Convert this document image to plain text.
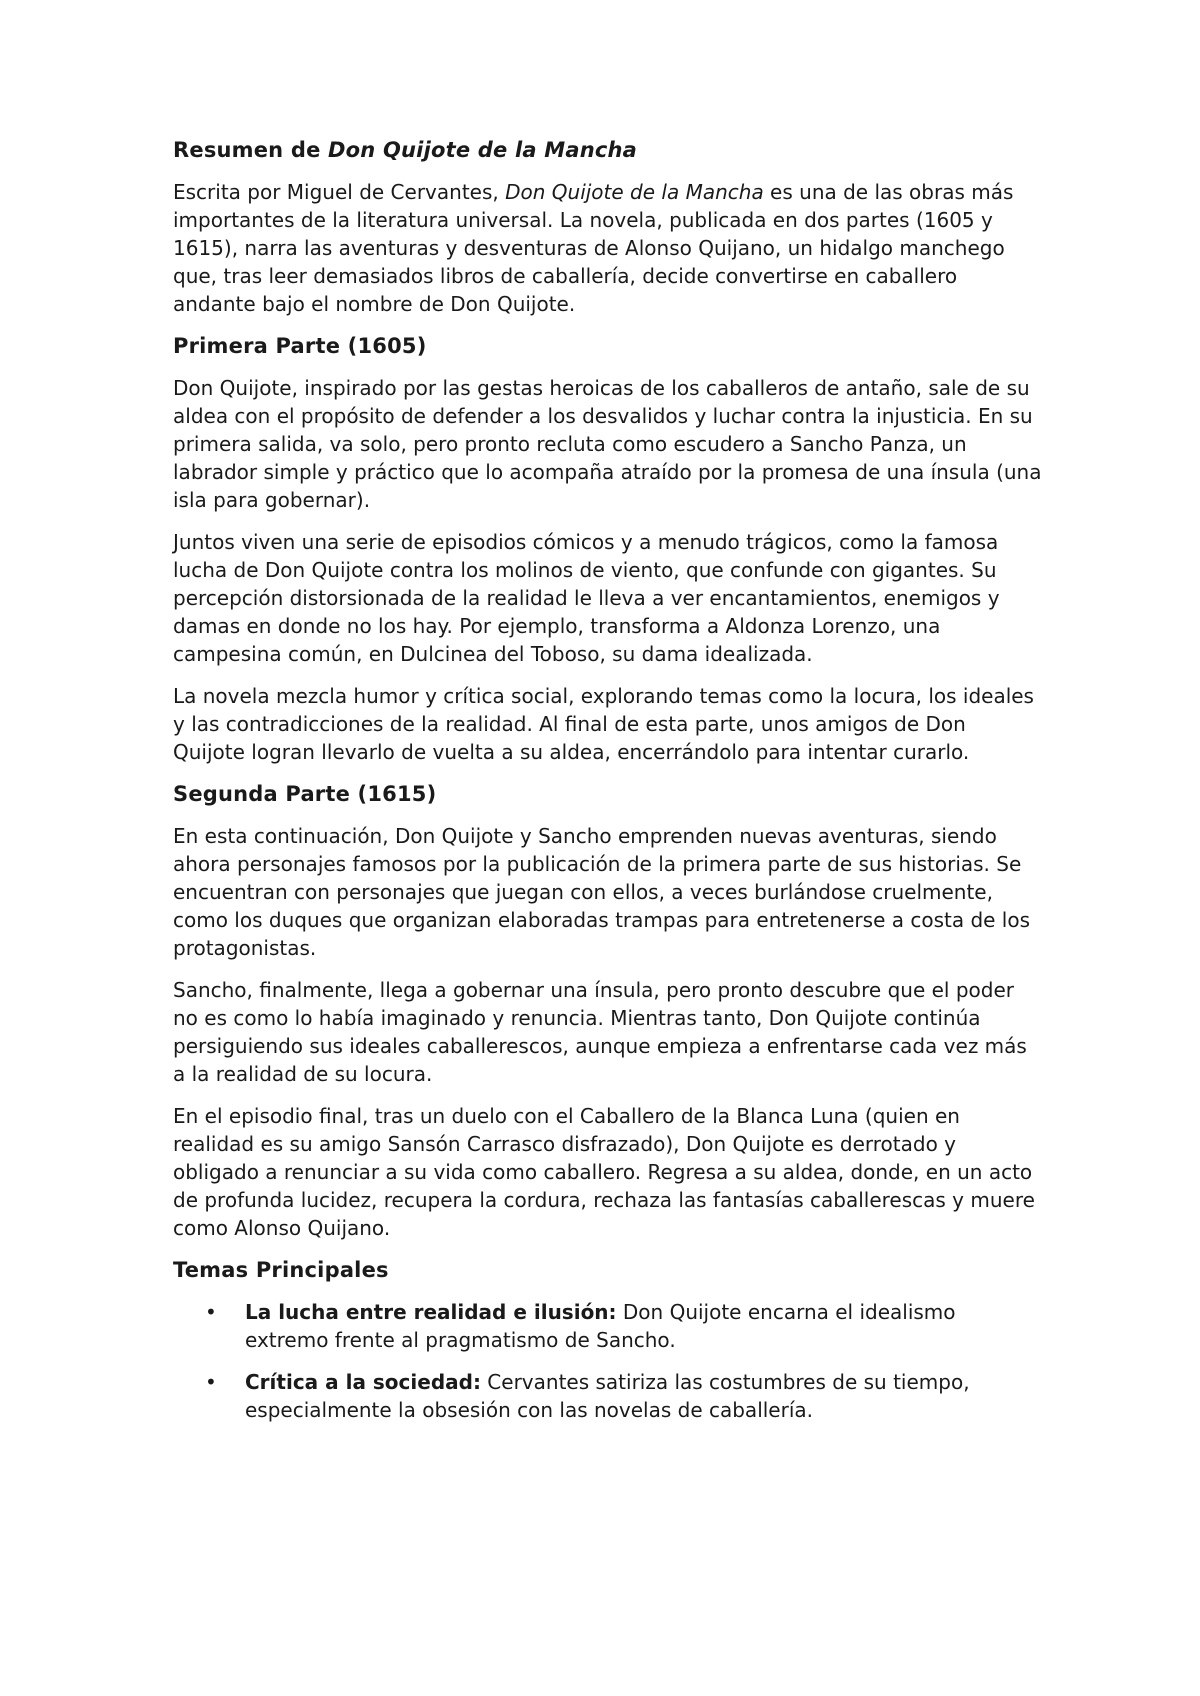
Resumen de Don Quijote de la Mancha

Escrita por Miguel de Cervantes, Don Quijote de la Mancha es una de las obras más importantes de la literatura universal. La novela, publicada en dos partes (1605 y 1615), narra las aventuras y desventuras de Alonso Quijano, un hidalgo manchego que, tras leer demasiados libros de caballería, decide convertirse en caballero andante bajo el nombre de Don Quijote.

Primera Parte (1605)

Don Quijote, inspirado por las gestas heroicas de los caballeros de antaño, sale de su aldea con el propósito de defender a los desvalidos y luchar contra la injusticia. En su primera salida, va solo, pero pronto recluta como escudero a Sancho Panza, un labrador simple y práctico que lo acompaña atraído por la promesa de una ínsula (una isla para gobernar).

Juntos viven una serie de episodios cómicos y a menudo trágicos, como la famosa lucha de Don Quijote contra los molinos de viento, que confunde con gigantes. Su percepción distorsionada de la realidad le lleva a ver encantamientos, enemigos y damas en donde no los hay. Por ejemplo, transforma a Aldonza Lorenzo, una campesina común, en Dulcinea del Toboso, su dama idealizada.

La novela mezcla humor y crítica social, explorando temas como la locura, los ideales y las contradicciones de la realidad. Al final de esta parte, unos amigos de Don Quijote logran llevarlo de vuelta a su aldea, encerrándolo para intentar curarlo.

Segunda Parte (1615)

En esta continuación, Don Quijote y Sancho emprenden nuevas aventuras, siendo ahora personajes famosos por la publicación de la primera parte de sus historias. Se encuentran con personajes que juegan con ellos, a veces burlándose cruelmente, como los duques que organizan elaboradas trampas para entretenerse a costa de los protagonistas.

Sancho, finalmente, llega a gobernar una ínsula, pero pronto descubre que el poder no es como lo había imaginado y renuncia. Mientras tanto, Don Quijote continúa persiguiendo sus ideales caballerescos, aunque empieza a enfrentarse cada vez más a la realidad de su locura.

En el episodio final, tras un duelo con el Caballero de la Blanca Luna (quien en realidad es su amigo Sansón Carrasco disfrazado), Don Quijote es derrotado y obligado a renunciar a su vida como caballero. Regresa a su aldea, donde, en un acto de profunda lucidez, recupera la cordura, rechaza las fantasías caballerescas y muere como Alonso Quijano.

Temas Principales
• La lucha entre realidad e ilusión: Don Quijote encarna el idealismo extremo frente al pragmatismo de Sancho.
• Crítica a la sociedad: Cervantes satiriza las costumbres de su tiempo, especialmente la obsesión con las novelas de caballería.
